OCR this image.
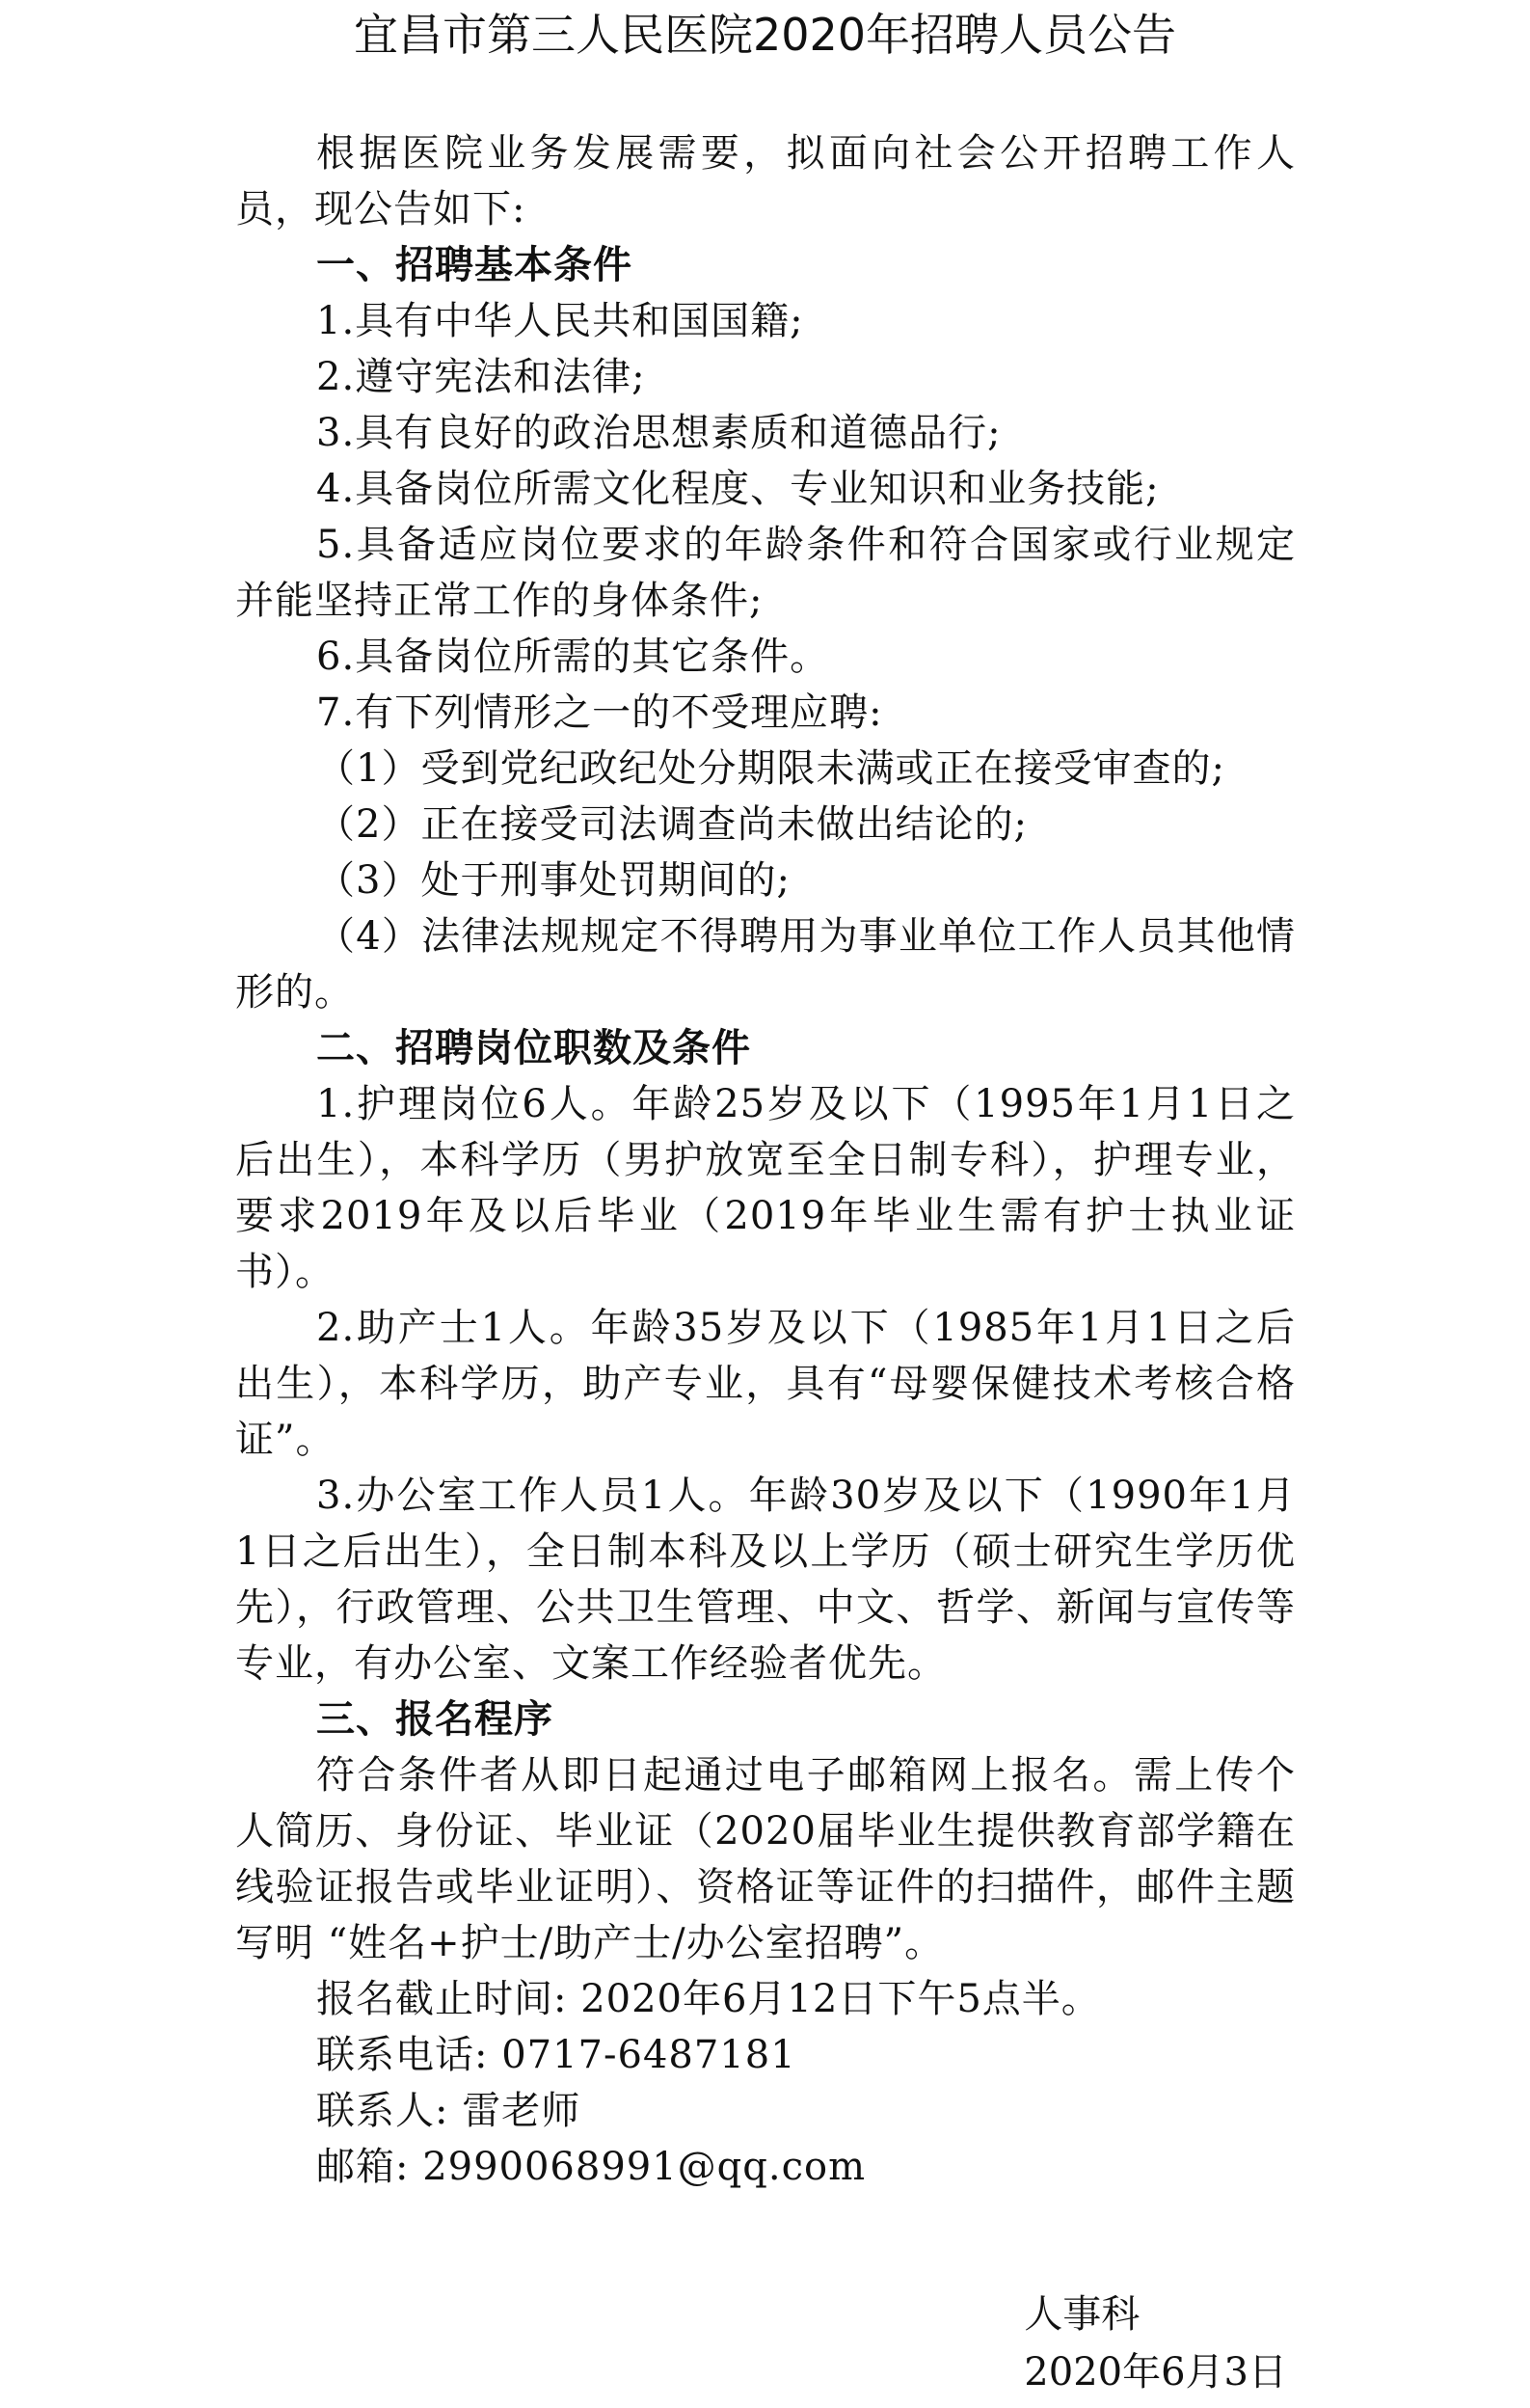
宜昌市第三人民医院2020年招聘人员公告

根据医院业务发展需要，拟面向社会公开招聘工作人员，现公告如下:

一、招聘基本条件

1.具有中华人民共和国国籍;

2.遵守宪法和法律;

3.具有良好的政治思想素质和道德品行;

4.具备岗位所需文化程度、专业知识和业务技能;

5.具备适应岗位要求的年龄条件和符合国家或行业规定并能坚持正常工作的身体条件;

6.具备岗位所需的其它条件。

7.有下列情形之一的不受理应聘:

（1）受到党纪政纪处分期限未满或正在接受审查的;

（2）正在接受司法调查尚未做出结论的;

（3）处于刑事处罚期间的;

（4）法律法规规定不得聘用为事业单位工作人员其他情形的。

二、招聘岗位职数及条件

1.护理岗位6人。年龄25岁及以下（1995年1月1日之后出生），本科学历（男护放宽至全日制专科），护理专业，要求2019年及以后毕业（2019年毕业生需有护士执业证书）。

2.助产士1人。年龄35岁及以下（1985年1月1日之后出生），本科学历，助产专业，具有“母婴保健技术考核合格证”。

3.办公室工作人员1人。年龄30岁及以下（1990年1月1日之后出生），全日制本科及以上学历（硕士研究生学历优先），行政管理、公共卫生管理、中文、哲学、新闻与宣传等专业，有办公室、文案工作经验者优先。

三、报名程序

符合条件者从即日起通过电子邮箱网上报名。需上传个人简历、身份证、毕业证（2020届毕业生提供教育部学籍在线验证报告或毕业证明）、资格证等证件的扫描件，邮件主题写明 “姓名+护士/助产士/办公室招聘”。

报名截止时间: 2020年6月12日下午5点半。

联系电话: 0717-6487181

联系人: 雷老师

邮箱: 2990068991@qq.com

人事科
2020年6月3日
